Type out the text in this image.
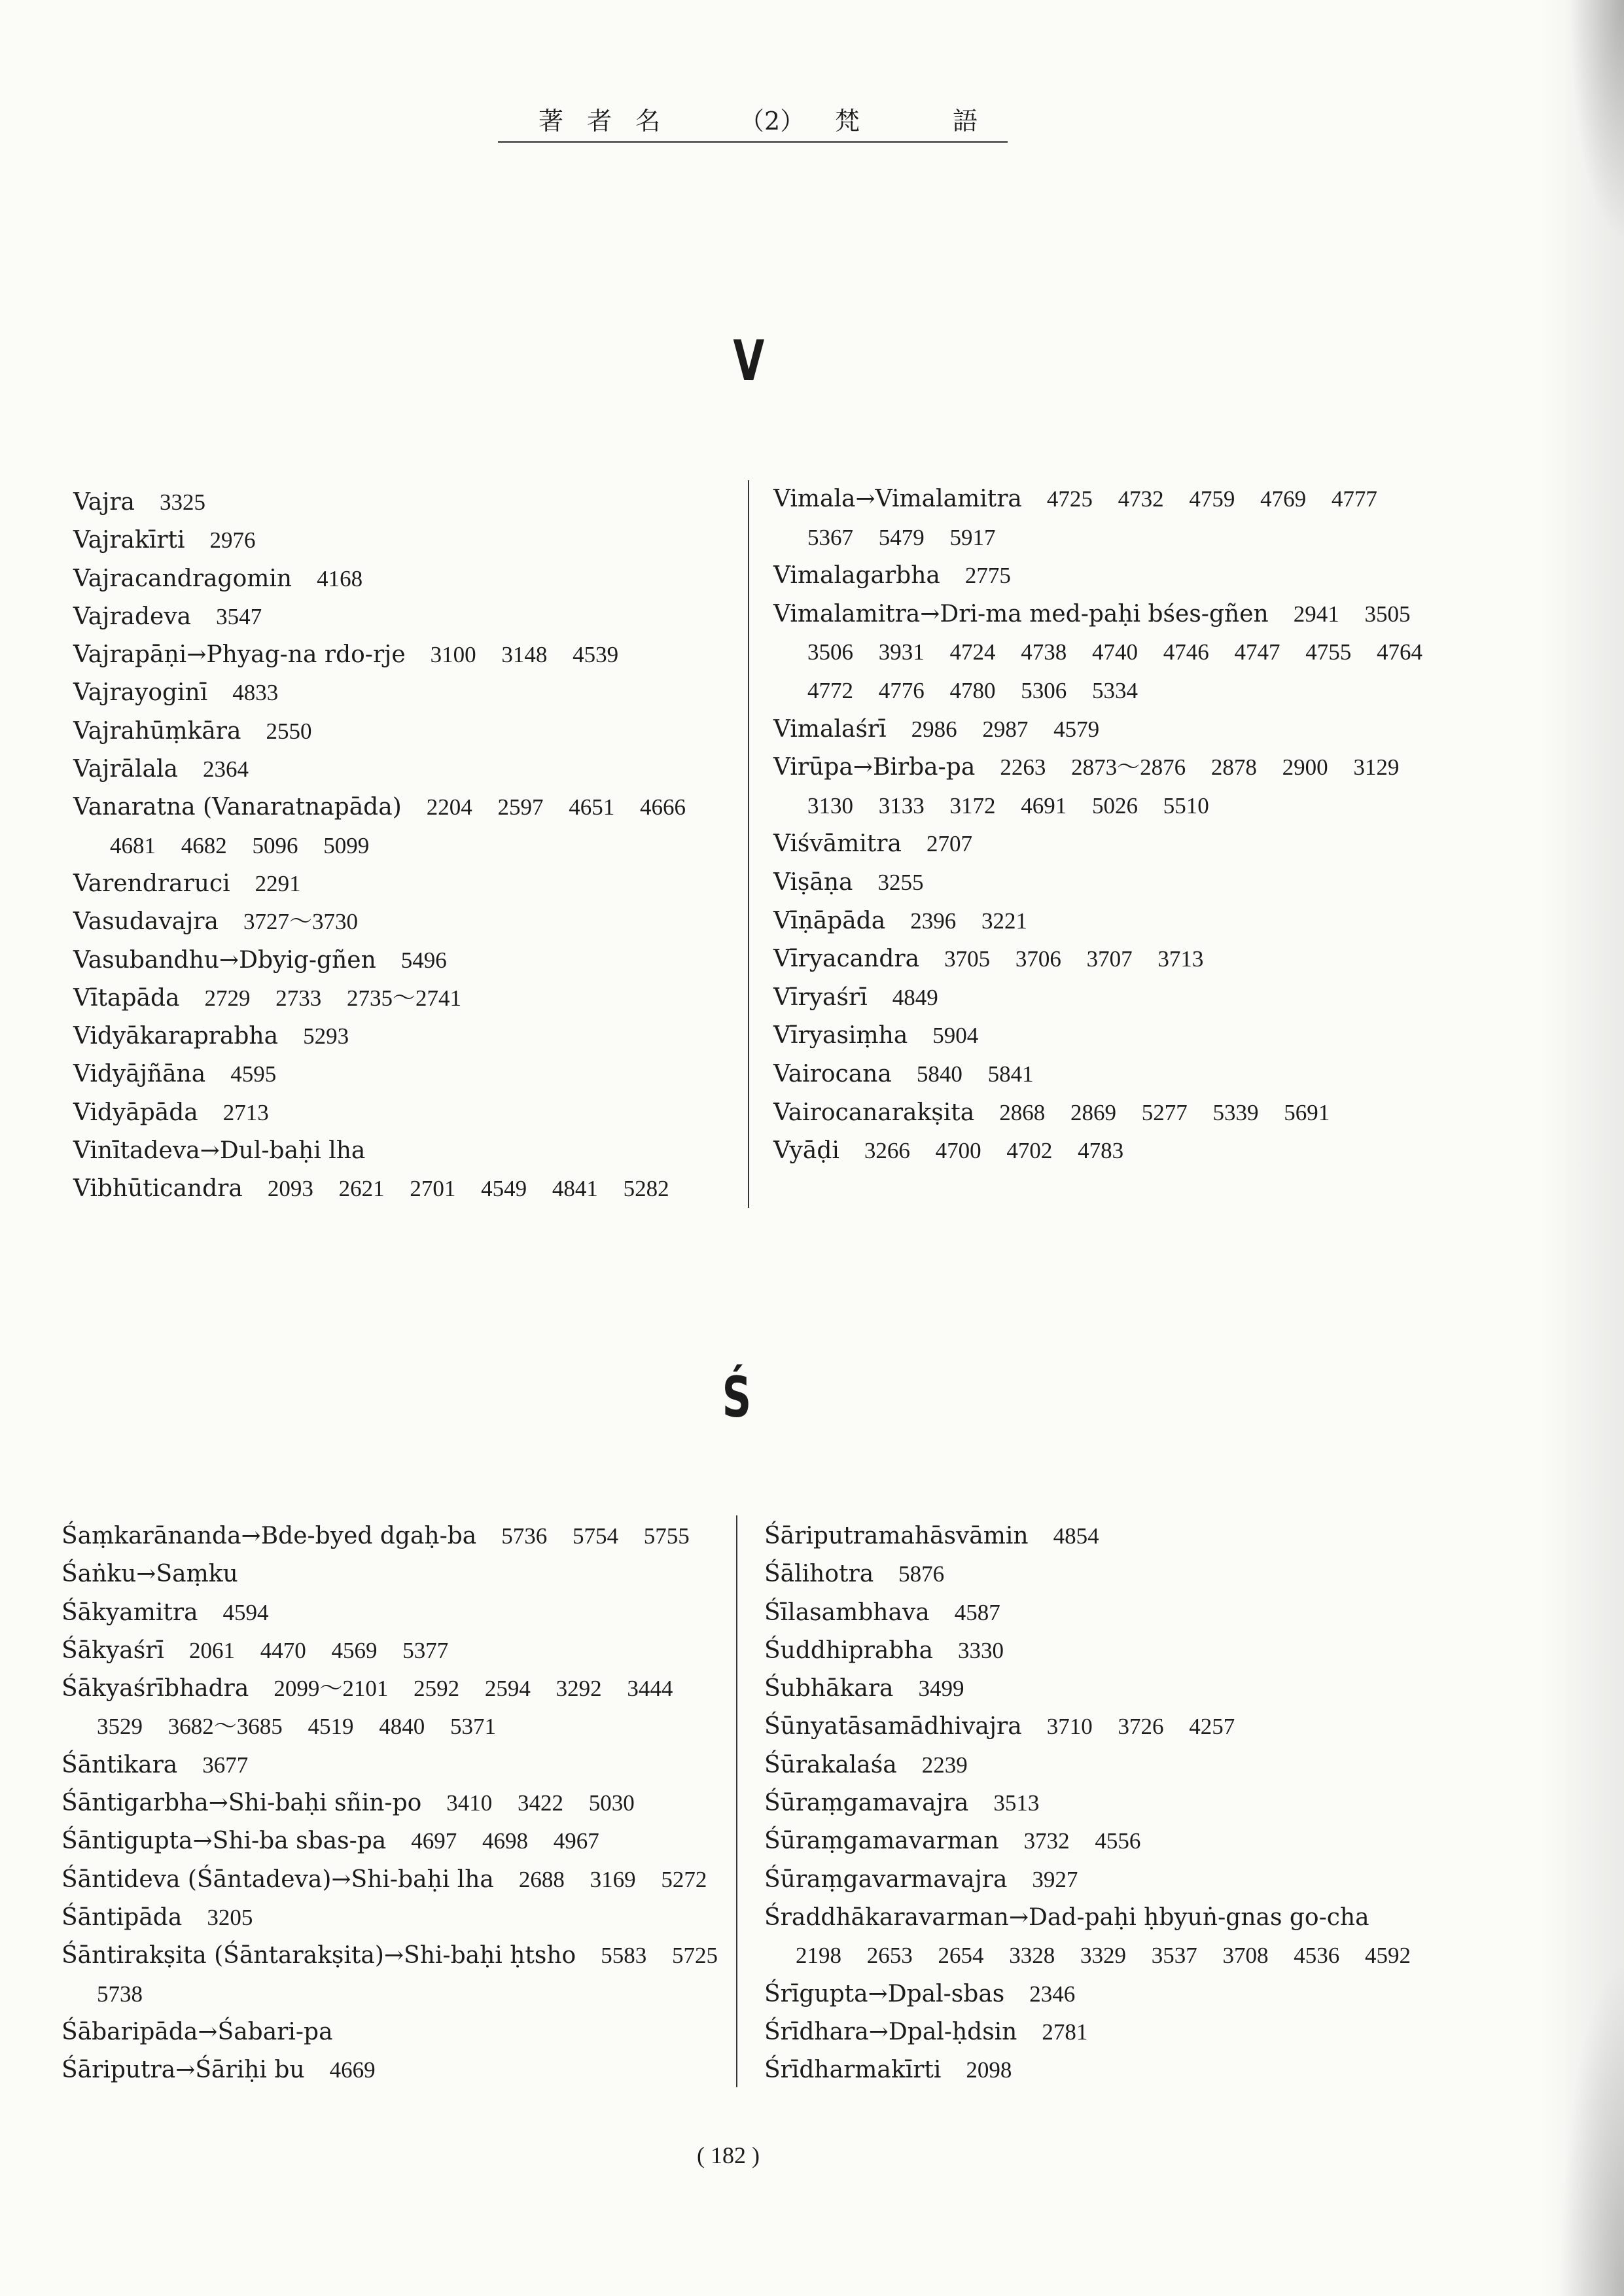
著 者 名	（2） 梵 語
V
Vajra 3325
Vajrakīrti 2976
Vajracandragomin 4168
Vajradeva 3547
Vajrapāṇi→Phyag-na rdo-rje 3100 3148 4539
Vajrayoginī 4833
Vajrahūṃkāra 2550
Vajrālala 2364
Vanaratna (Vanaratnapāda) 2204 2597 4651 4666
4681 4682 5096 5099
Varendraruci 2291
Vasudavajra 3727～3730
Vasubandhu→Dbyig-gñen 5496
Vītapāda 2729 2733 2735～2741
Vidyākaraprabha 5293
Vidyājñāna 4595
Vidyāpāda 2713
Vinītadeva→Dul-baḥi lha
Vibhūticandra 2093 2621 2701 4549 4841 5282
Vimala→Vimalamitra 4725 4732 4759 4769 4777
5367 5479 5917
Vimalagarbha 2775
Vimalamitra→Dri-ma med-paḥi bśes-gñen 2941 3505
3506 3931 4724 4738 4740 4746 4747 4755 4764
4772 4776 4780 5306 5334
Vimalaśrī 2986 2987 4579
Virūpa→Birba-pa 2263 2873～2876 2878 2900 3129
3130 3133 3172 4691 5026 5510
Viśvāmitra 2707
Viṣāṇa 3255
Vīṇāpāda 2396 3221
Vīryacandra 3705 3706 3707 3713
Vīryaśrī 4849
Vīryasiṃha 5904
Vairocana 5840 5841
Vairocanarakṣita 2868 2869 5277 5339 5691
Vyāḍi 3266 4700 4702 4783
Ś
Śaṃkarānanda→Bde-byed dgaḥ-ba 5736 5754 5755
Śaṅku→Saṃku
Śākyamitra 4594
Śākyaśrī 2061 4470 4569 5377
Śākyaśrībhadra 2099～2101 2592 2594 3292 3444
3529 3682～3685 4519 4840 5371
Śāntikara 3677
Śāntigarbha→Shi-baḥi sñin-po 3410 3422 5030
Śāntigupta→Shi-ba sbas-pa 4697 4698 4967
Śāntideva (Śāntadeva)→Shi-baḥi lha 2688 3169 5272
Śāntipāda 3205
Śāntirakṣita (Śāntarakṣita)→Shi-baḥi ḥtsho 5583 5725
5738
Śābaripāda→Śabari-pa
Śāriputra→Śāriḥi bu 4669
Śāriputramahāsvāmin 4854
Śālihotra 5876
Śīlasambhava 4587
Śuddhiprabha 3330
Śubhākara 3499
Śūnyatāsamādhivajra 3710 3726 4257
Śūrakalaśa 2239
Śūraṃgamavajra 3513
Śūraṃgamavarman 3732 4556
Śūraṃgavarmavajra 3927
Śraddhākaravarman→Dad-paḥi ḥbyuṅ-gnas go-cha
2198 2653 2654 3328 3329 3537 3708 4536 4592
Śrīgupta→Dpal-sbas 2346
Śrīdhara→Dpal-ḥdsin 2781
Śrīdharmakīrti 2098
( 182 )
